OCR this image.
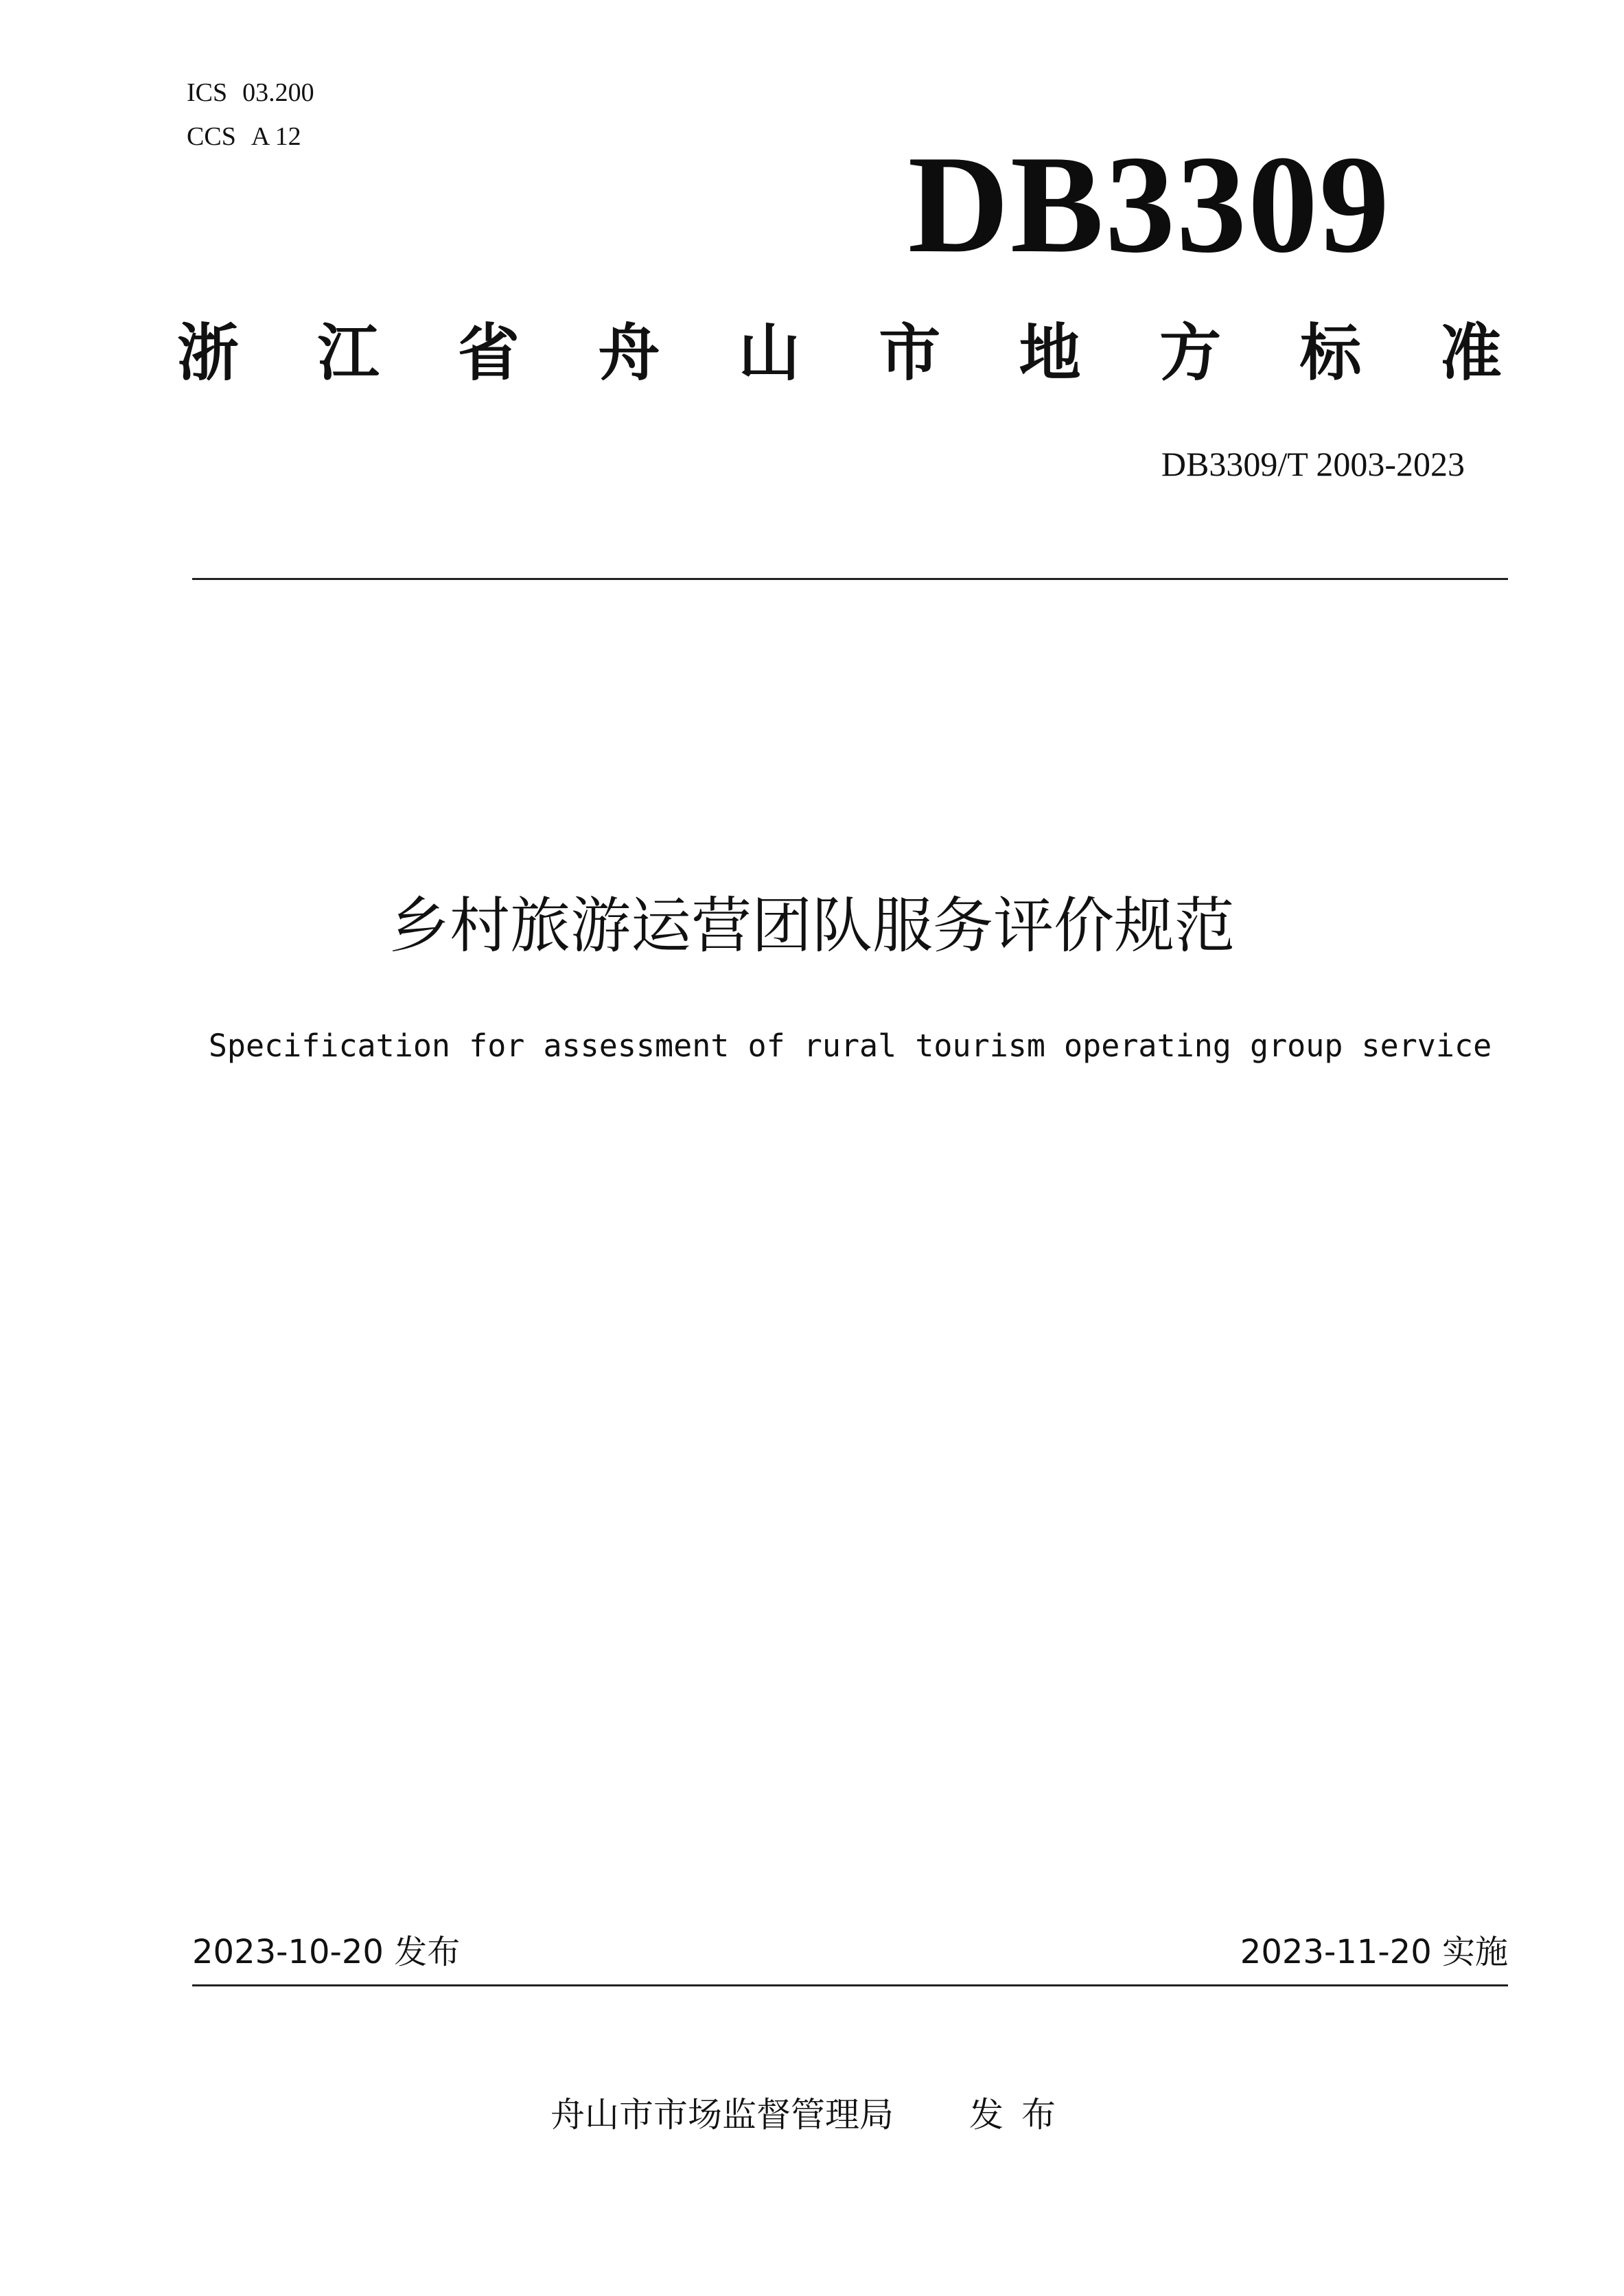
ICS 03.200
CCS A 12	DB3309
浙 江 省 舟 山 市 地 方 标 准
DB3309/T 2003-2023
乡村旅游运营团队服务评价规范
Specification for assessment of rural tourism operating group service
2023-10-20 发布	2023-11-20 实施
舟山市市场监督管理局 发布
